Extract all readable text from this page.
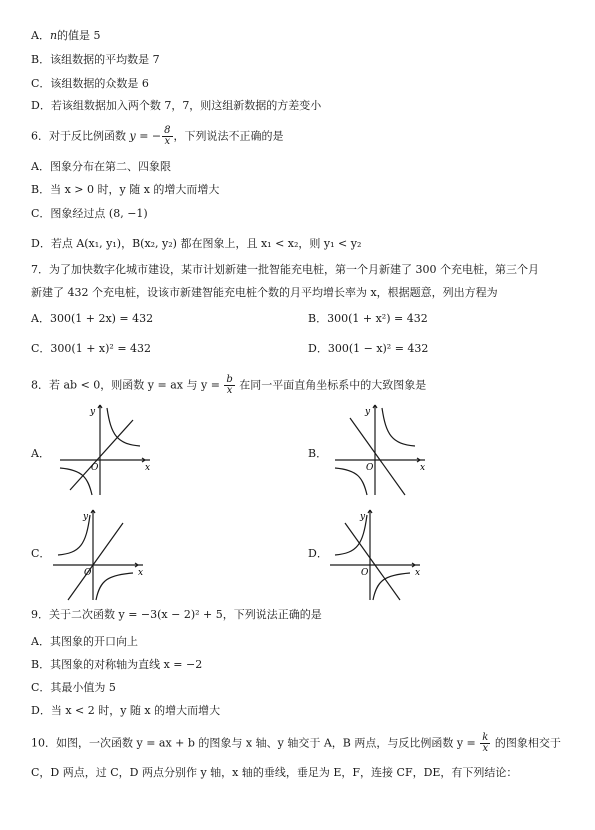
A．n的值是 5
B．该组数据的平均数是 7
C．该组数据的众数是 6
D．若该组数据加入两个数 7，7，则这组新数据的方差变小
6．对于反比例函数 y = − $\frac{8}{x}$ ，下列说法不正确的是
A．图象分布在第二、四象限
B．当 x > 0 时，y 随 x 的增大而增大
C．图象经过点 (8, −1)
D．若点 A(x₁, y₁)，B(x₂, y₂) 都在图象上，且 x₁ < x₂，则 y₁ < y₂
7．为了加快数字化城市建设，某市计划新建一批智能充电桩，第一个月新建了 300 个充电桩，第三个月
新建了 432 个充电桩，设该市新建智能充电桩个数的月平均增长率为 x，根据题意，列出方程为
A．300(1 + 2x) = 432	B．300(1 + x²) = 432
C．300(1 + x)² = 432	D．300(1 − x)² = 432
8．若 ab < 0，则函数 y = ax 与 $y = \frac{b}{x}$ 在同一平面直角坐标系中的大致图象是
A．	B．
C．	D．
y
x
O
y
x
O
y
x
O
y
x
O
9．关于二次函数 y = −3(x − 2)² + 5，下列说法正确的是
A．其图象的开口向上
B．其图象的对称轴为直线 x = −2
C．其最小值为 5
D．当 x < 2 时，y 随 x 的增大而增大
10．如图，一次函数 y = ax + b 的图象与 x 轴、y 轴交于 A，B 两点，与反比例函数 $y = \frac{k}{x}$ 的图象相交于
C，D 两点，过 C，D 两点分别作 y 轴，x 轴的垂线，垂足为 E，F，连接 CF，DE，有下列结论：
